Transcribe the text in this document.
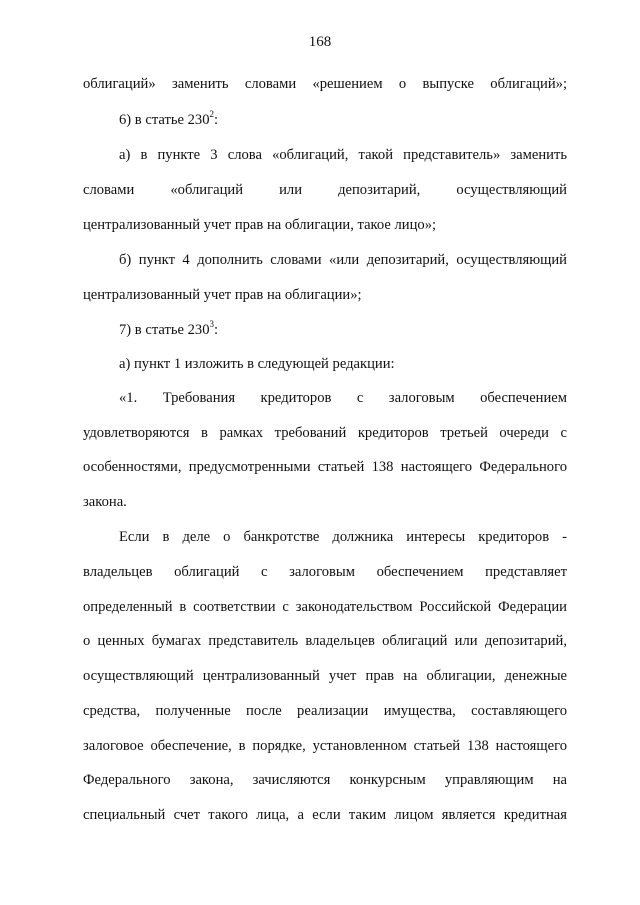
168
облигаций» заменить словами «решением о выпуске облигаций»;
6) в статье $230^2$:
а) в пункте 3 слова «облигаций, такой представитель» заменить
словами «облигаций или депозитарий, осуществляющий
централизованный учет прав на облигации, такое лицо»;
б) пункт 4 дополнить словами «или депозитарий, осуществляющий
централизованный учет прав на облигации»;
7) в статье $230^3$:
а) пункт 1 изложить в следующей редакции:
«1. Требования кредиторов с залоговым обеспечением
удовлетворяются в рамках требований кредиторов третьей очереди с
особенностями, предусмотренными статьей 138 настоящего Федерального
закона.
Если в деле о банкротстве должника интересы кредиторов -
владельцев облигаций с залоговым обеспечением представляет
определенный в соответствии с законодательством Российской Федерации
о ценных бумагах представитель владельцев облигаций или депозитарий,
осуществляющий централизованный учет прав на облигации, денежные
средства, полученные после реализации имущества, составляющего
залоговое обеспечение, в порядке, установленном статьей 138 настоящего
Федерального закона, зачисляются конкурсным управляющим на
специальный счет такого лица, а если таким лицом является кредитная
